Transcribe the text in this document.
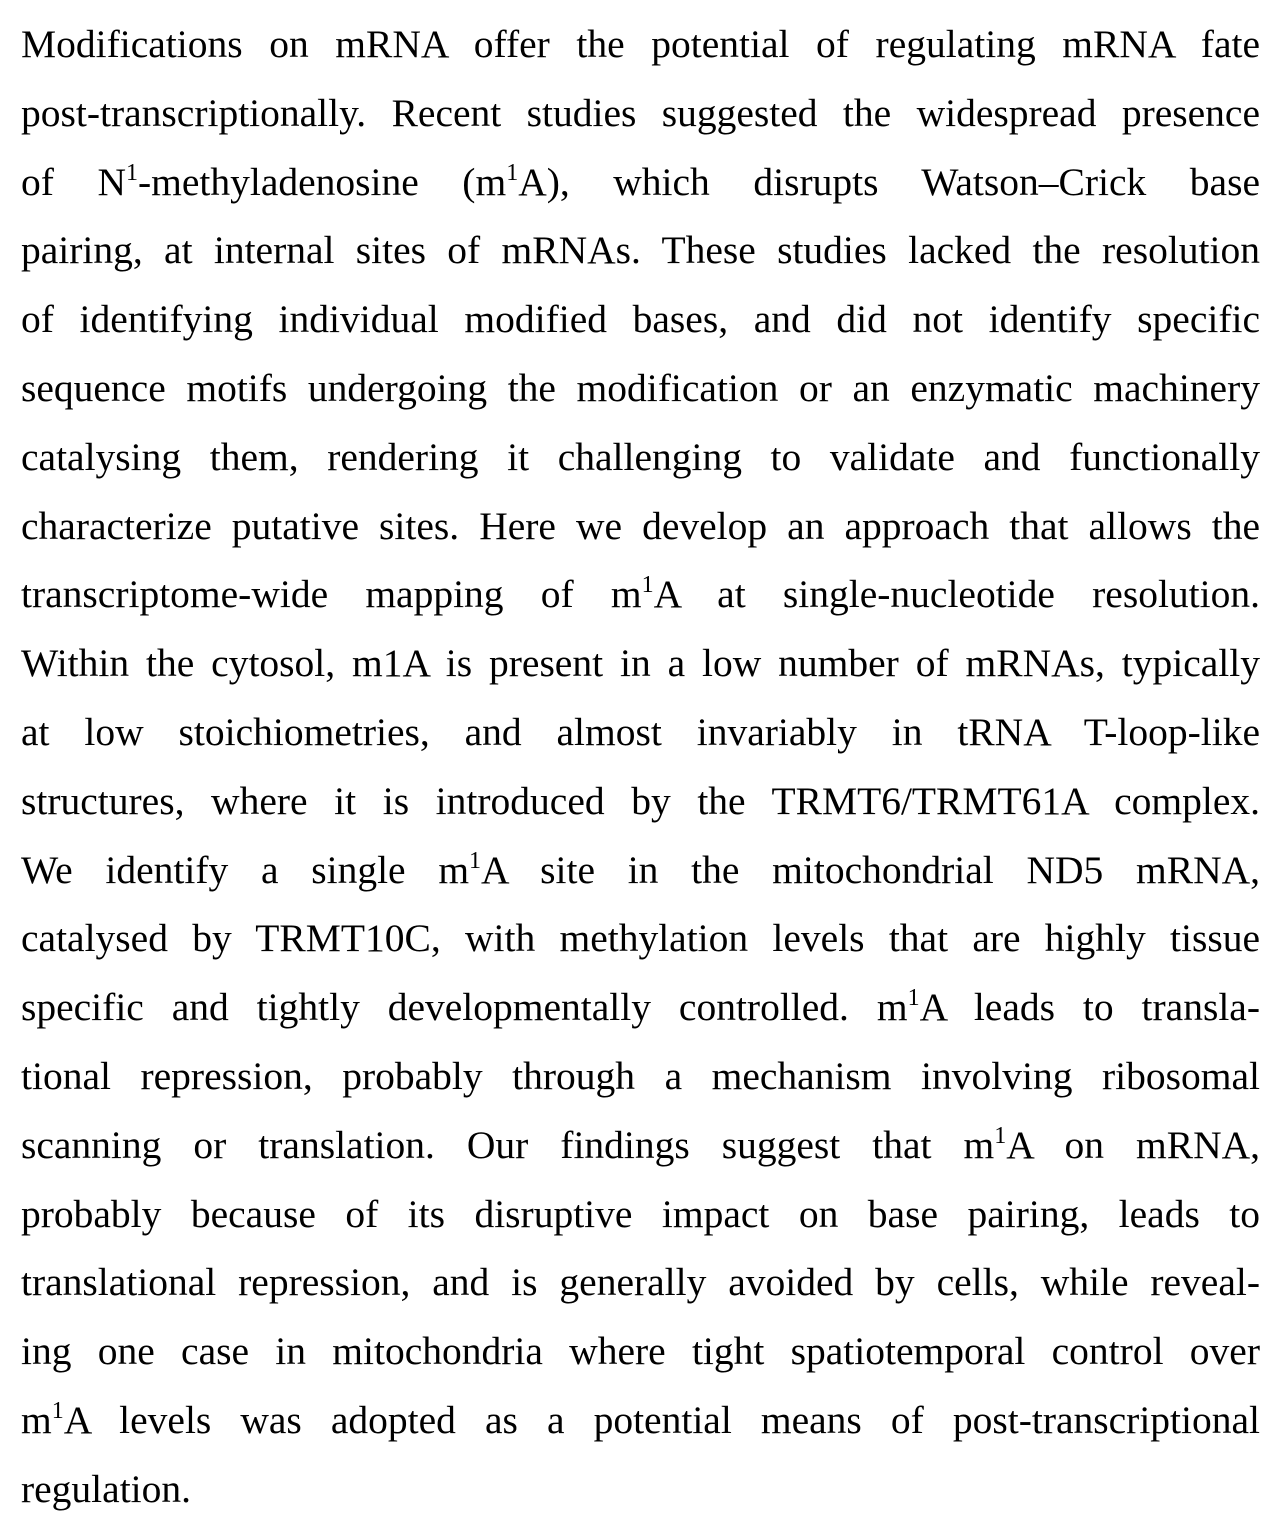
Modifications on mRNA offer the potential of regulating mRNA fate
post-transcriptionally. Recent studies suggested the widespread presence
of $N^1$-methyladenosine $(m^1A)$, which disrupts Watson–Crick base
pairing, at internal sites of mRNAs. These studies lacked the resolution
of identifying individual modified bases, and did not identify specific
sequence motifs undergoing the modification or an enzymatic machinery
catalysing them, rendering it challenging to validate and functionally
characterize putative sites. Here we develop an approach that allows the
transcriptome-wide mapping of $m^1A$ at single-nucleotide resolution.
Within the cytosol, m1A is present in a low number of mRNAs, typically
at low stoichiometries, and almost invariably in tRNA T-loop-like
structures, where it is introduced by the TRMT6/TRMT61A complex.
We identify a single $m^1A$ site in the mitochondrial ND5 mRNA,
catalysed by TRMT10C, with methylation levels that are highly tissue
specific and tightly developmentally controlled. $m^1A$ leads to transla-
tional repression, probably through a mechanism involving ribosomal
scanning or translation. Our findings suggest that $m^1A$ on mRNA,
probably because of its disruptive impact on base pairing, leads to
translational repression, and is generally avoided by cells, while reveal-
ing one case in mitochondria where tight spatiotemporal control over
$m^1A$ levels was adopted as a potential means of post-transcriptional
regulation.
